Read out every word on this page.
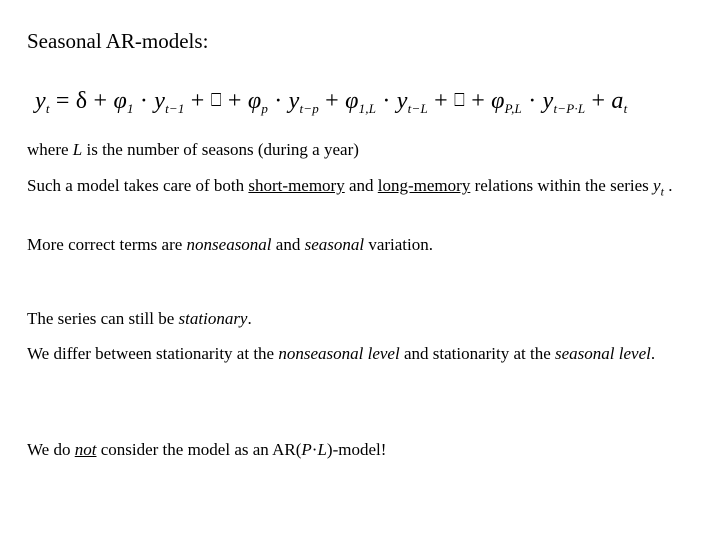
Seasonal AR-models:
$y_t = \delta + \varphi_1 \cdot y_{t-1}$ + ⎕ + $\varphi_p \cdot y_{t-p} + \varphi_{1,L} \cdot y_{t-L}$ + ⎕ + $\varphi_{P,L} \cdot y_{t-P\cdot L} + a_t$
where L is the number of seasons (during a year)
Such a model takes care of both short-memory and long-memory relations within the series $y_t$ .
More correct terms are nonseasonal and seasonal variation.
The series can still be stationary.
We differ between stationarity at the nonseasonal level and stationarity at the seasonal level.
We do not consider the model as an AR(P·L)-model!
